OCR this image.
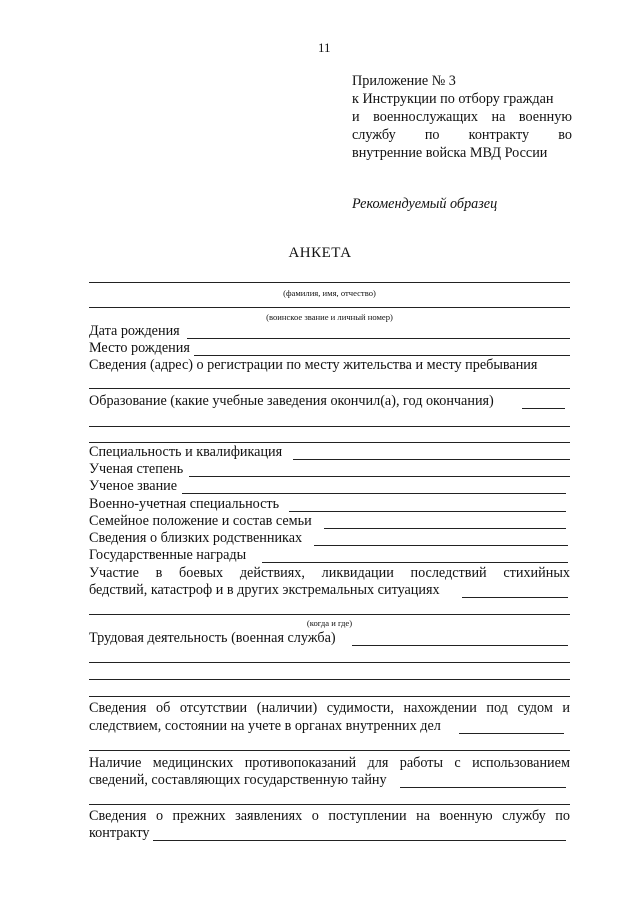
11
Приложение № 3
к Инструкции по отбору граждан
и военнослужащих на военную
службу по контракту во
внутренние войска МВД России
Рекомендуемый образец
АНКЕТА
(фамилия, имя, отчество)
(воинское звание и личный номер)
Дата рождения
Место рождения
Сведения (адрес) о регистрации по месту жительства и месту пребывания
Образование (какие учебные заведения окончил(а), год окончания)
Специальность и квалификация
Ученая степень
Ученое звание
Военно-учетная специальность
Семейное положение и состав семьи
Сведения о близких родственниках
Государственные награды
Участие в боевых действиях, ликвидации последствий стихийных
бедствий, катастроф и в других экстремальных ситуациях
(когда и где)
Трудовая деятельность (военная служба)
Сведения об отсутствии (наличии) судимости, нахождении под судом и
следствием, состоянии на учете в органах внутренних дел
Наличие медицинских противопоказаний для работы с использованием
сведений, составляющих государственную тайну
Сведения о прежних заявлениях о поступлении на военную службу по
контракту
